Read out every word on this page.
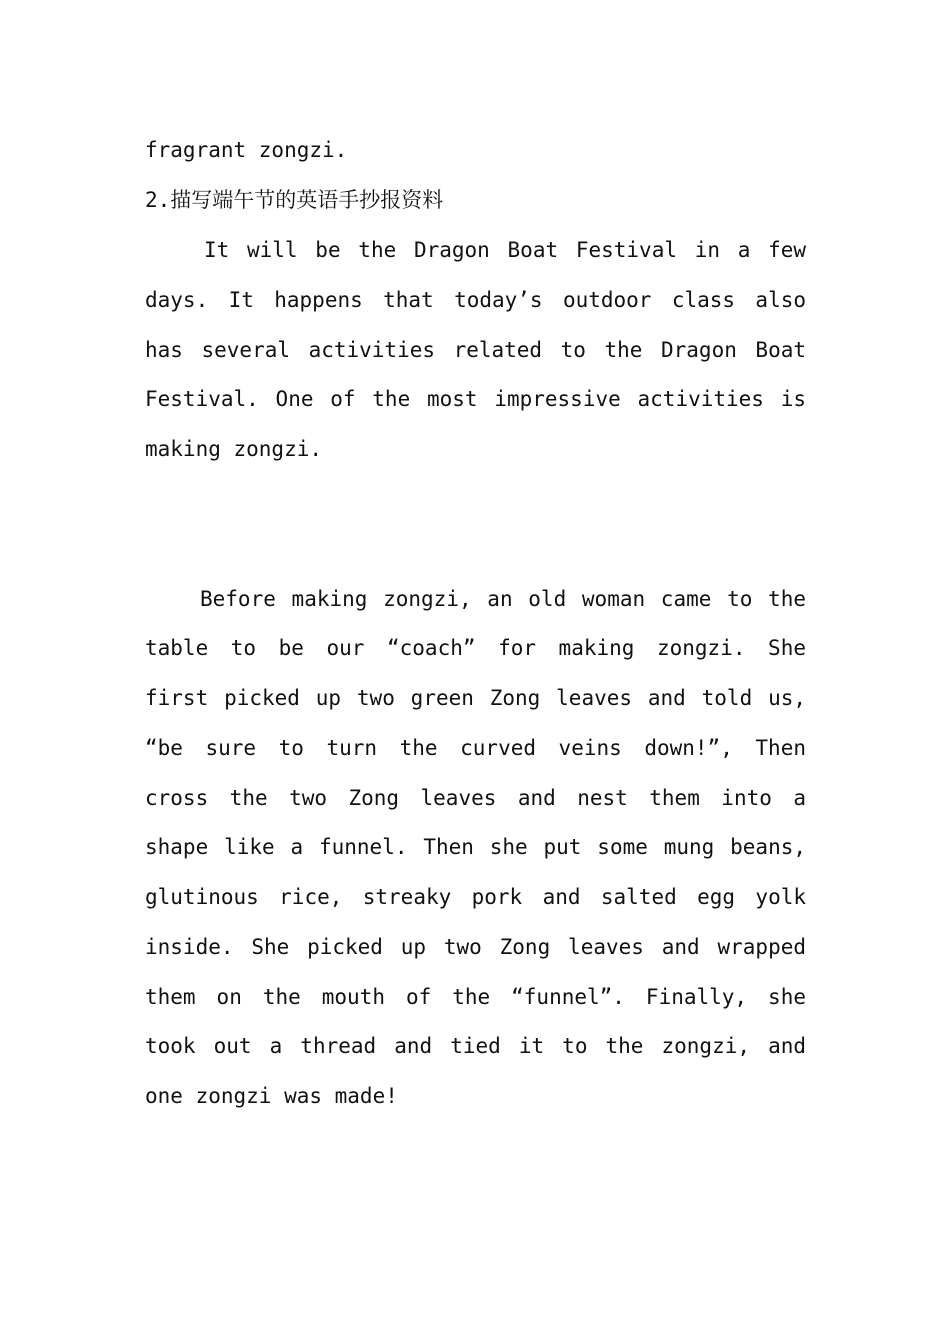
fragrant zongzi.
2.描写端午节的英语手抄报资料
It will be the Dragon Boat Festival in a few
days. It happens that today’s outdoor class also
has several activities related to the Dragon Boat
Festival. One of the most impressive activities is
making zongzi.
Before making zongzi, an old woman came to the
table to be our “coach” for making zongzi. She
first picked up two green Zong leaves and told us,
“be sure to turn the curved veins down!”, Then
cross the two Zong leaves and nest them into a
shape like a funnel. Then she put some mung beans,
glutinous rice, streaky pork and salted egg yolk
inside. She picked up two Zong leaves and wrapped
them on the mouth of the “funnel”. Finally, she
took out a thread and tied it to the zongzi, and
one zongzi was made!
